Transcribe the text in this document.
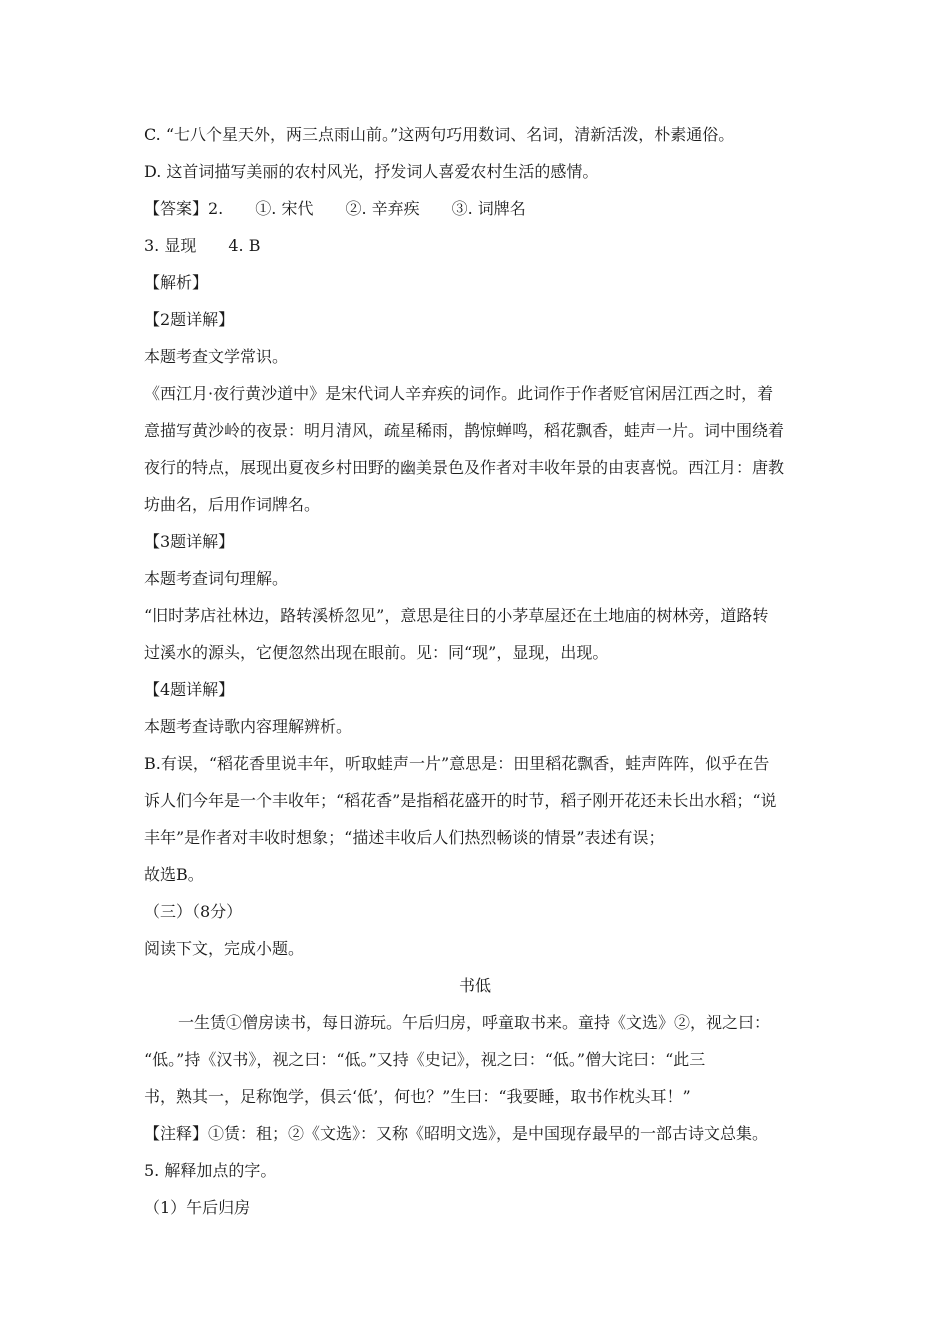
C. “七八个星天外，两三点雨山前。”这两句巧用数词、名词，清新活泼，朴素通俗。
D. 这首词描写美丽的农村风光，抒发词人喜爱农村生活的感情。
【答案】2.　　①. 宋代　　②. 辛弃疾　　③. 词牌名
3. 显现　　4. B
【解析】
【2题详解】
本题考查文学常识。
《西江月·夜行黄沙道中》是宋代词人辛弃疾的词作。此词作于作者贬官闲居江西之时，着
意描写黄沙岭的夜景：明月清风，疏星稀雨，鹊惊蝉鸣，稻花飘香，蛙声一片。词中围绕着
夜行的特点，展现出夏夜乡村田野的幽美景色及作者对丰收年景的由衷喜悦。西江月：唐教
坊曲名，后用作词牌名。
【3题详解】
本题考查词句理解。
“旧时茅店社林边，路转溪桥忽见”，意思是往日的小茅草屋还在土地庙的树林旁，道路转
过溪水的源头，它便忽然出现在眼前。见：同“现”，显现，出现。
【4题详解】
本题考查诗歌内容理解辨析。
B.有误，“稻花香里说丰年，听取蛙声一片”意思是：田里稻花飘香，蛙声阵阵，似乎在告
诉人们今年是一个丰收年；“稻花香”是指稻花盛开的时节，稻子刚开花还未长出水稻；“说
丰年”是作者对丰收时想象；“描述丰收后人们热烈畅谈的情景”表述有误；
故选B。
（三）（8分）
阅读下文，完成小题。
书低
一生赁①僧房读书，每日游玩。午后归房，呼童取书来。童持《文选》②，视之曰：
“低。”持《汉书》，视之曰：“低。”又持《史记》，视之曰：“低。”僧大诧曰：“此三
书，熟其一，足称饱学，俱云‘低’，何也？”生曰：“我要睡，取书作枕头耳！”
【注释】①赁：租；②《文选》：又称《昭明文选》，是中国现存最早的一部古诗文总集。
5. 解释加点的字。
（1）午后归房
